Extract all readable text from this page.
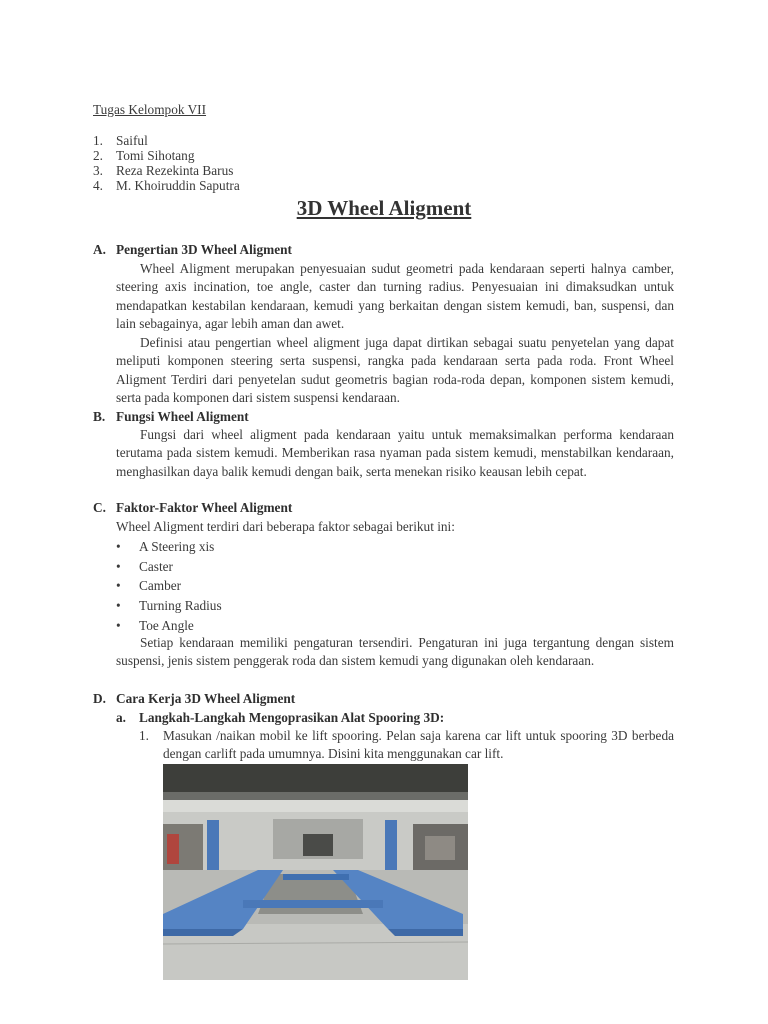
Tugas Kelompok VII
1. Saiful
2. Tomi Sihotang
3. Reza Rezekinta Barus
4. M. Khoiruddin Saputra
3D Wheel Aligment
A. Pengertian 3D Wheel Aligment
Wheel Aligment merupakan penyesuaian sudut geometri pada kendaraan seperti halnya camber, steering axis incination, toe angle, caster dan turning radius. Penyesuaian ini dimaksudkan untuk mendapatkan kestabilan kendaraan, kemudi yang berkaitan dengan sistem kemudi, ban, suspensi, dan lain sebagainya, agar lebih aman dan awet.
Definisi atau pengertian wheel aligment juga dapat dirtikan sebagai suatu penyetelan yang dapat meliputi komponen steering serta suspensi, rangka pada kendaraan serta pada roda. Front Wheel Aligment Terdiri dari penyetelan sudut geometris bagian roda-roda depan, komponen sistem kemudi, serta pada komponen dari sistem suspensi kendaraan.
B. Fungsi Wheel Aligment
Fungsi dari wheel aligment pada kendaraan yaitu untuk memaksimalkan performa kendaraan terutama pada sistem kemudi. Memberikan rasa nyaman pada sistem kemudi, menstabilkan kendaraan, menghasilkan daya balik kemudi dengan baik, serta menekan risiko keausan lebih cepat.
C. Faktor-Faktor Wheel Aligment
Wheel Aligment terdiri dari beberapa faktor sebagai berikut ini:
• A Steering xis
• Caster
• Camber
• Turning Radius
• Toe Angle
Setiap kendaraan memiliki pengaturan tersendiri. Pengaturan ini juga tergantung dengan sistem suspensi, jenis sistem penggerak roda dan sistem kemudi yang digunakan oleh kendaraan.
D. Cara Kerja 3D Wheel Aligment
a. Langkah-Langkah Mengoprasikan Alat Spooring 3D:
1. Masukan /naikan mobil ke lift spooring. Pelan saja karena car lift untuk spooring 3D berbeda dengan carlift pada umumnya. Disini kita menggunakan car lift.
